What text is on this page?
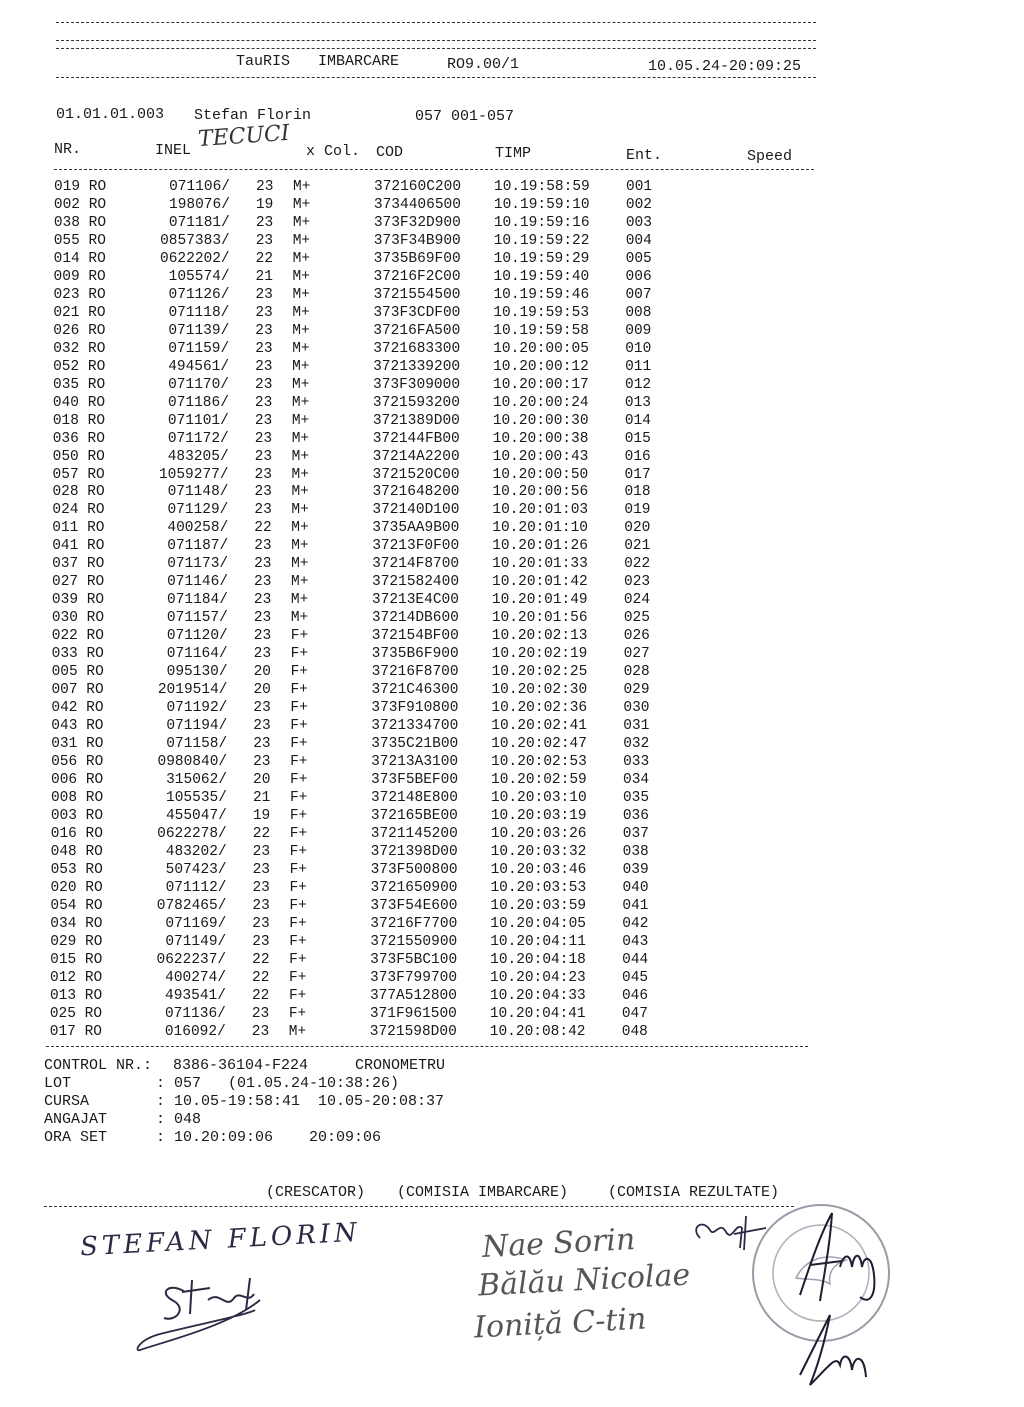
TauRIS IMBARCARE	RO9.00/1	10.05.24-20:09:25
01.01.01.003 Stefan Florin	057 001-057
TECUCI
NR.	INEL	x Col. COD	TIMP	Ent.	Speed
019 RO	071106/ 23 M+	372160C200 10.19:58:59	001
002 RO	198076/ 19 M+	3734406500 10.19:59:10	002
038 RO	071181/ 23 M+	373F32D900 10.19:59:16	003
055 RO	0857383/ 23 M+	373F34B900 10.19:59:22	004
014 RO	0622202/ 22 M+	3735B69F00 10.19:59:29	005
009 RO	105574/ 21 M+	37216F2C00 10.19:59:40	006
023 RO	071126/ 23 M+	3721554500 10.19:59:46	007
021 RO	071118/ 23 M+	373F3CDF00 10.19:59:53	008
026 RO	071139/ 23 M+	37216FA500 10.19:59:58	009
032 RO	071159/ 23 M+	3721683300 10.20:00:05	010
052 RO	494561/ 23 M+	3721339200 10.20:00:12	011
035 RO	071170/ 23 M+	373F309000 10.20:00:17	012
040 RO	071186/ 23 M+	3721593200 10.20:00:24	013
018 RO	071101/ 23 M+	3721389D00 10.20:00:30	014
036 RO	071172/ 23 M+	372144FB00 10.20:00:38	015
050 RO	483205/ 23 M+	37214A2200 10.20:00:43	016
057 RO	1059277/ 23 M+	3721520C00 10.20:00:50	017
028 RO	071148/ 23 M+	3721648200 10.20:00:56	018
024 RO	071129/ 23 M+	372140D100 10.20:01:03	019
011 RO	400258/ 22 M+	3735AA9B00 10.20:01:10	020
041 RO	071187/ 23 M+	37213F0F00 10.20:01:26	021
037 RO	071173/ 23 M+	37214F8700 10.20:01:33	022
027 RO	071146/ 23 M+	3721582400 10.20:01:42	023
039 RO	071184/ 23 M+	37213E4C00 10.20:01:49	024
030 RO	071157/ 23 M+	37214DB600 10.20:01:56	025
022 RO	071120/ 23 F+	372154BF00 10.20:02:13	026
033 RO	071164/ 23 F+	3735B6F900 10.20:02:19	027
005 RO	095130/ 20 F+	37216F8700 10.20:02:25	028
007 RO	2019514/ 20 F+	3721C46300 10.20:02:30	029
042 RO	071192/ 23 F+	373F910800 10.20:02:36	030
043 RO	071194/ 23 F+	3721334700 10.20:02:41	031
031 RO	071158/ 23 F+	3735C21B00 10.20:02:47	032
056 RO	0980840/ 23 F+	37213A3100 10.20:02:53	033
006 RO	315062/ 20 F+	373F5BEF00 10.20:02:59	034
008 RO	105535/ 21 F+	372148E800 10.20:03:10	035
003 RO	455047/ 19 F+	372165BE00 10.20:03:19	036
016 RO	0622278/ 22 F+	3721145200 10.20:03:26	037
048 RO	483202/ 23 F+	3721398D00 10.20:03:32	038
053 RO	507423/ 23 F+	373F500800 10.20:03:46	039
020 RO	071112/ 23 F+	3721650900 10.20:03:53	040
054 RO	0782465/ 23 F+	373F54E600 10.20:03:59	041
034 RO	071169/ 23 F+	37216F7700 10.20:04:05	042
029 RO	071149/ 23 F+	3721550900 10.20:04:11	043
015 RO	0622237/ 22 F+	373F5BC100 10.20:04:18	044
012 RO	400274/ 22 F+	373F799700 10.20:04:23	045
013 RO	493541/ 22 F+	377A512800 10.20:04:33	046
025 RO	071136/ 23 F+	371F961500 10.20:04:41	047
017 RO	016092/ 23 M+	3721598D00 10.20:08:42	048
CONTROL NR.: 8386-36104-F224	CRONOMETRU
LOT	: 057   (01.05.24-10:38:26)
CURSA	: 10.05-19:58:41  10.05-20:08:37
ANGAJAT	: 048
ORA SET	: 10.20:09:06    20:09:06
(CRESCATOR) (COMISIA IMBARCARE)	(COMISIA REZULTATE)
STEFAN FLORIN	Nae Sorin
Bălău Nicolae
Ioniță C-tin
